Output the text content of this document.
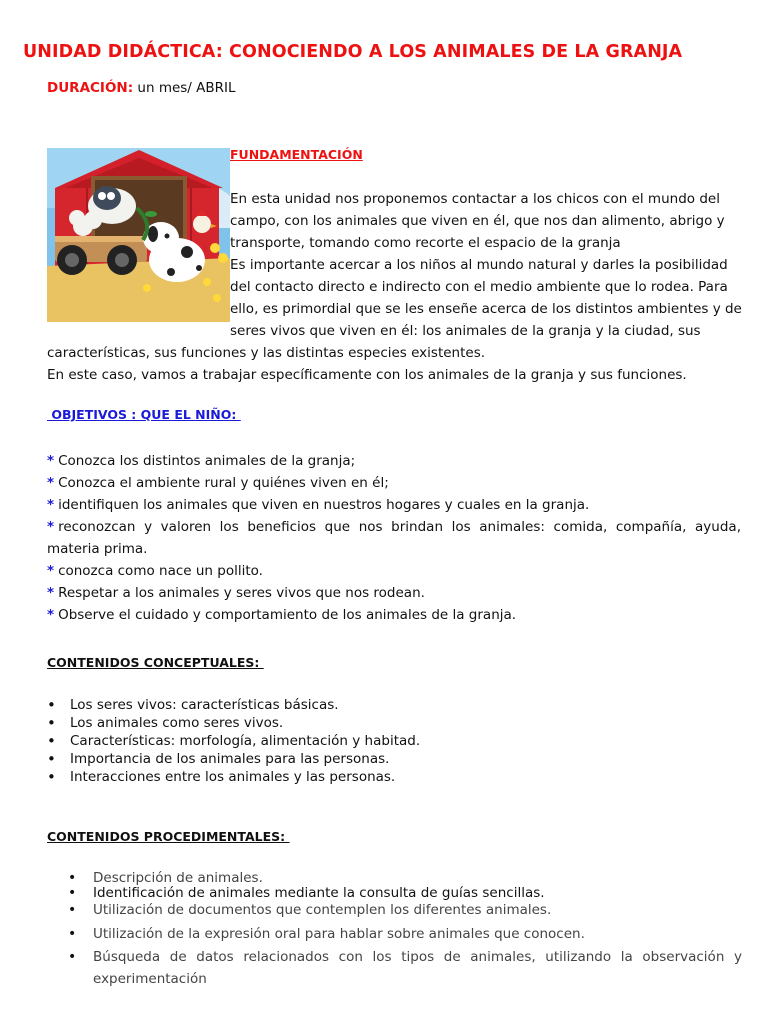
UNIDAD DIDÁCTICA: CONOCIENDO A LOS ANIMALES DE LA GRANJA
DURACIÓN: un mes/ ABRIL
FUNDAMENTACIÓN

En esta unidad nos proponemos contactar a los chicos con el mundo del campo, con los animales que viven en él, que nos dan alimento, abrigo y transporte, tomando como recorte el espacio de la granja

Es importante acercar a los niños al mundo natural y darles la posibilidad del contacto directo e indirecto con el medio ambiente que lo rodea. Para ello, es primordial que se les enseñe acerca de los distintos ambientes y de seres vivos que viven en él: los animales de la granja y la ciudad, sus características, sus funciones y las distintas especies existentes.

En este caso, vamos a trabajar específicamente con los animales de la granja y sus funciones.

OBJETIVOS : QUE EL NIÑO:
* Conozca los distintos animales de la granja;
* Conozca el ambiente rural y quiénes viven en él;
* identifiquen los animales que viven en nuestros hogares y cuales en la granja.
* reconozcan y valoren los beneficios que nos brindan los animales: comida, compañía, ayuda, materia prima.
* conozca como nace un pollito.
* Respetar a los animales y seres vivos que nos rodean.
* Observe el cuidado y comportamiento de los animales de la granja.
CONTENIDOS CONCEPTUALES:
• Los seres vivos: características básicas.
• Los animales como seres vivos.
• Características: morfología, alimentación y habitad.
• Importancia de los animales para las personas.
• Interacciones entre los animales y las personas.
CONTENIDOS PROCEDIMENTALES:
• Descripción de animales.
• Identificación de animales mediante la consulta de guías sencillas.
• Utilización de documentos que contemplen los diferentes animales.
• Utilización de la expresión oral para hablar sobre animales que conocen.
• Búsqueda de datos relacionados con los tipos de animales, utilizando la observación y experimentación
